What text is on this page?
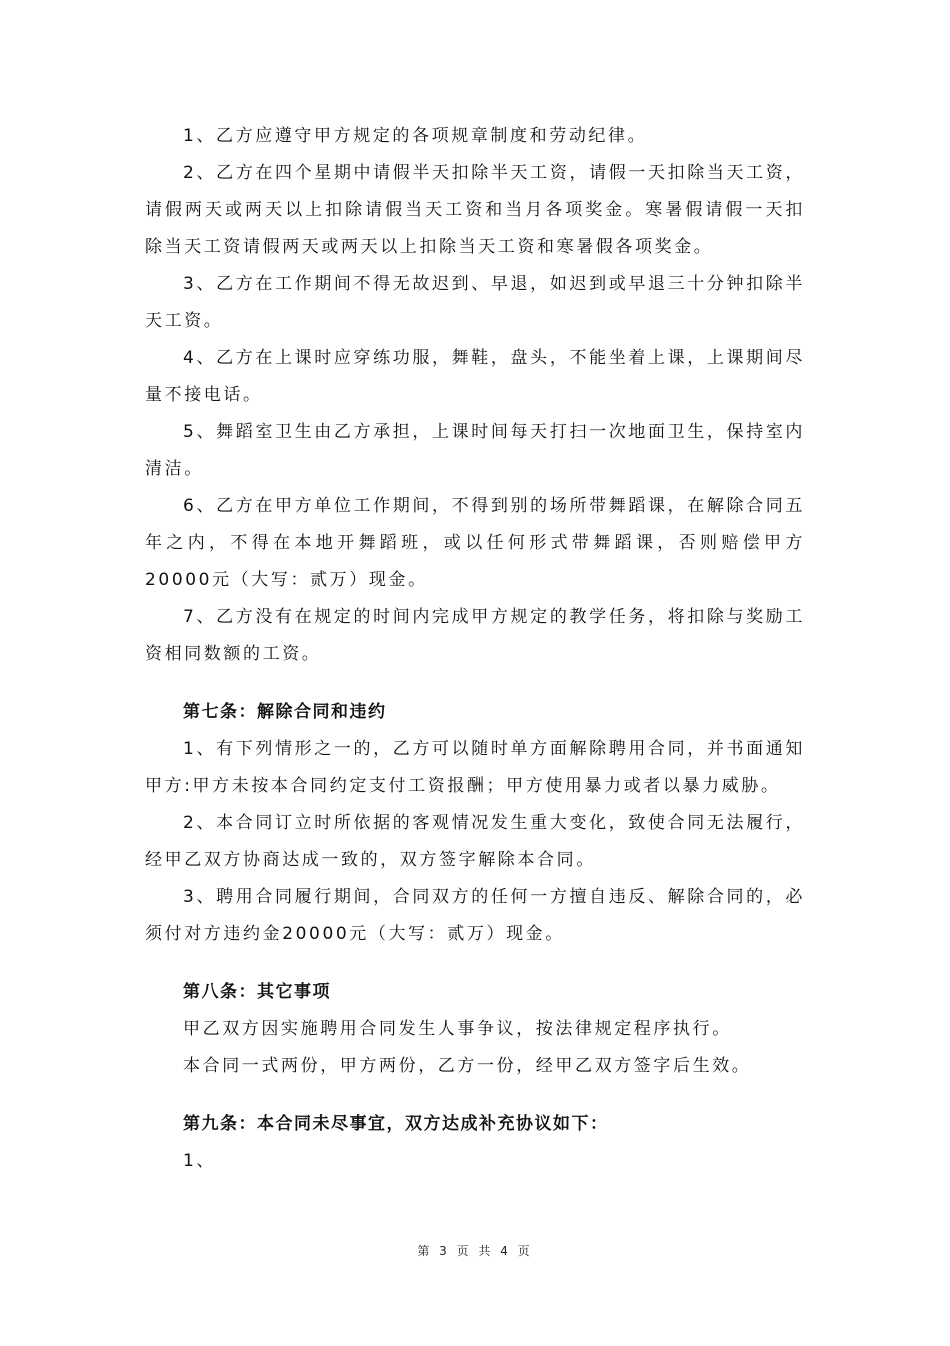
1、乙方应遵守甲方规定的各项规章制度和劳动纪律。

2、乙方在四个星期中请假半天扣除半天工资，请假一天扣除当天工资，请假两天或两天以上扣除请假当天工资和当月各项奖金。寒暑假请假一天扣除当天工资请假两天或两天以上扣除当天工资和寒暑假各项奖金。

3、乙方在工作期间不得无故迟到、早退，如迟到或早退三十分钟扣除半天工资。

4、乙方在上课时应穿练功服，舞鞋，盘头，不能坐着上课，上课期间尽量不接电话。

5、舞蹈室卫生由乙方承担，上课时间每天打扫一次地面卫生，保持室内清洁。

6、乙方在甲方单位工作期间，不得到别的场所带舞蹈课，在解除合同五年之内，不得在本地开舞蹈班，或以任何形式带舞蹈课，否则赔偿甲方20000元（大写：贰万）现金。

7、乙方没有在规定的时间内完成甲方规定的教学任务，将扣除与奖励工资相同数额的工资。

第七条：解除合同和违约

1、有下列情形之一的，乙方可以随时单方面解除聘用合同，并书面通知甲方:甲方未按本合同约定支付工资报酬；甲方使用暴力或者以暴力威胁。

2、本合同订立时所依据的客观情况发生重大变化，致使合同无法履行，经甲乙双方协商达成一致的，双方签字解除本合同。

3、聘用合同履行期间，合同双方的任何一方擅自违反、解除合同的，必须付对方违约金20000元（大写：贰万）现金。

第八条：其它事项

甲乙双方因实施聘用合同发生人事争议，按法律规定程序执行。

本合同一式两份，甲方两份，乙方一份，经甲乙双方签字后生效。

第九条：本合同未尽事宜，双方达成补充协议如下：

1、

第 3 页 共 4 页
